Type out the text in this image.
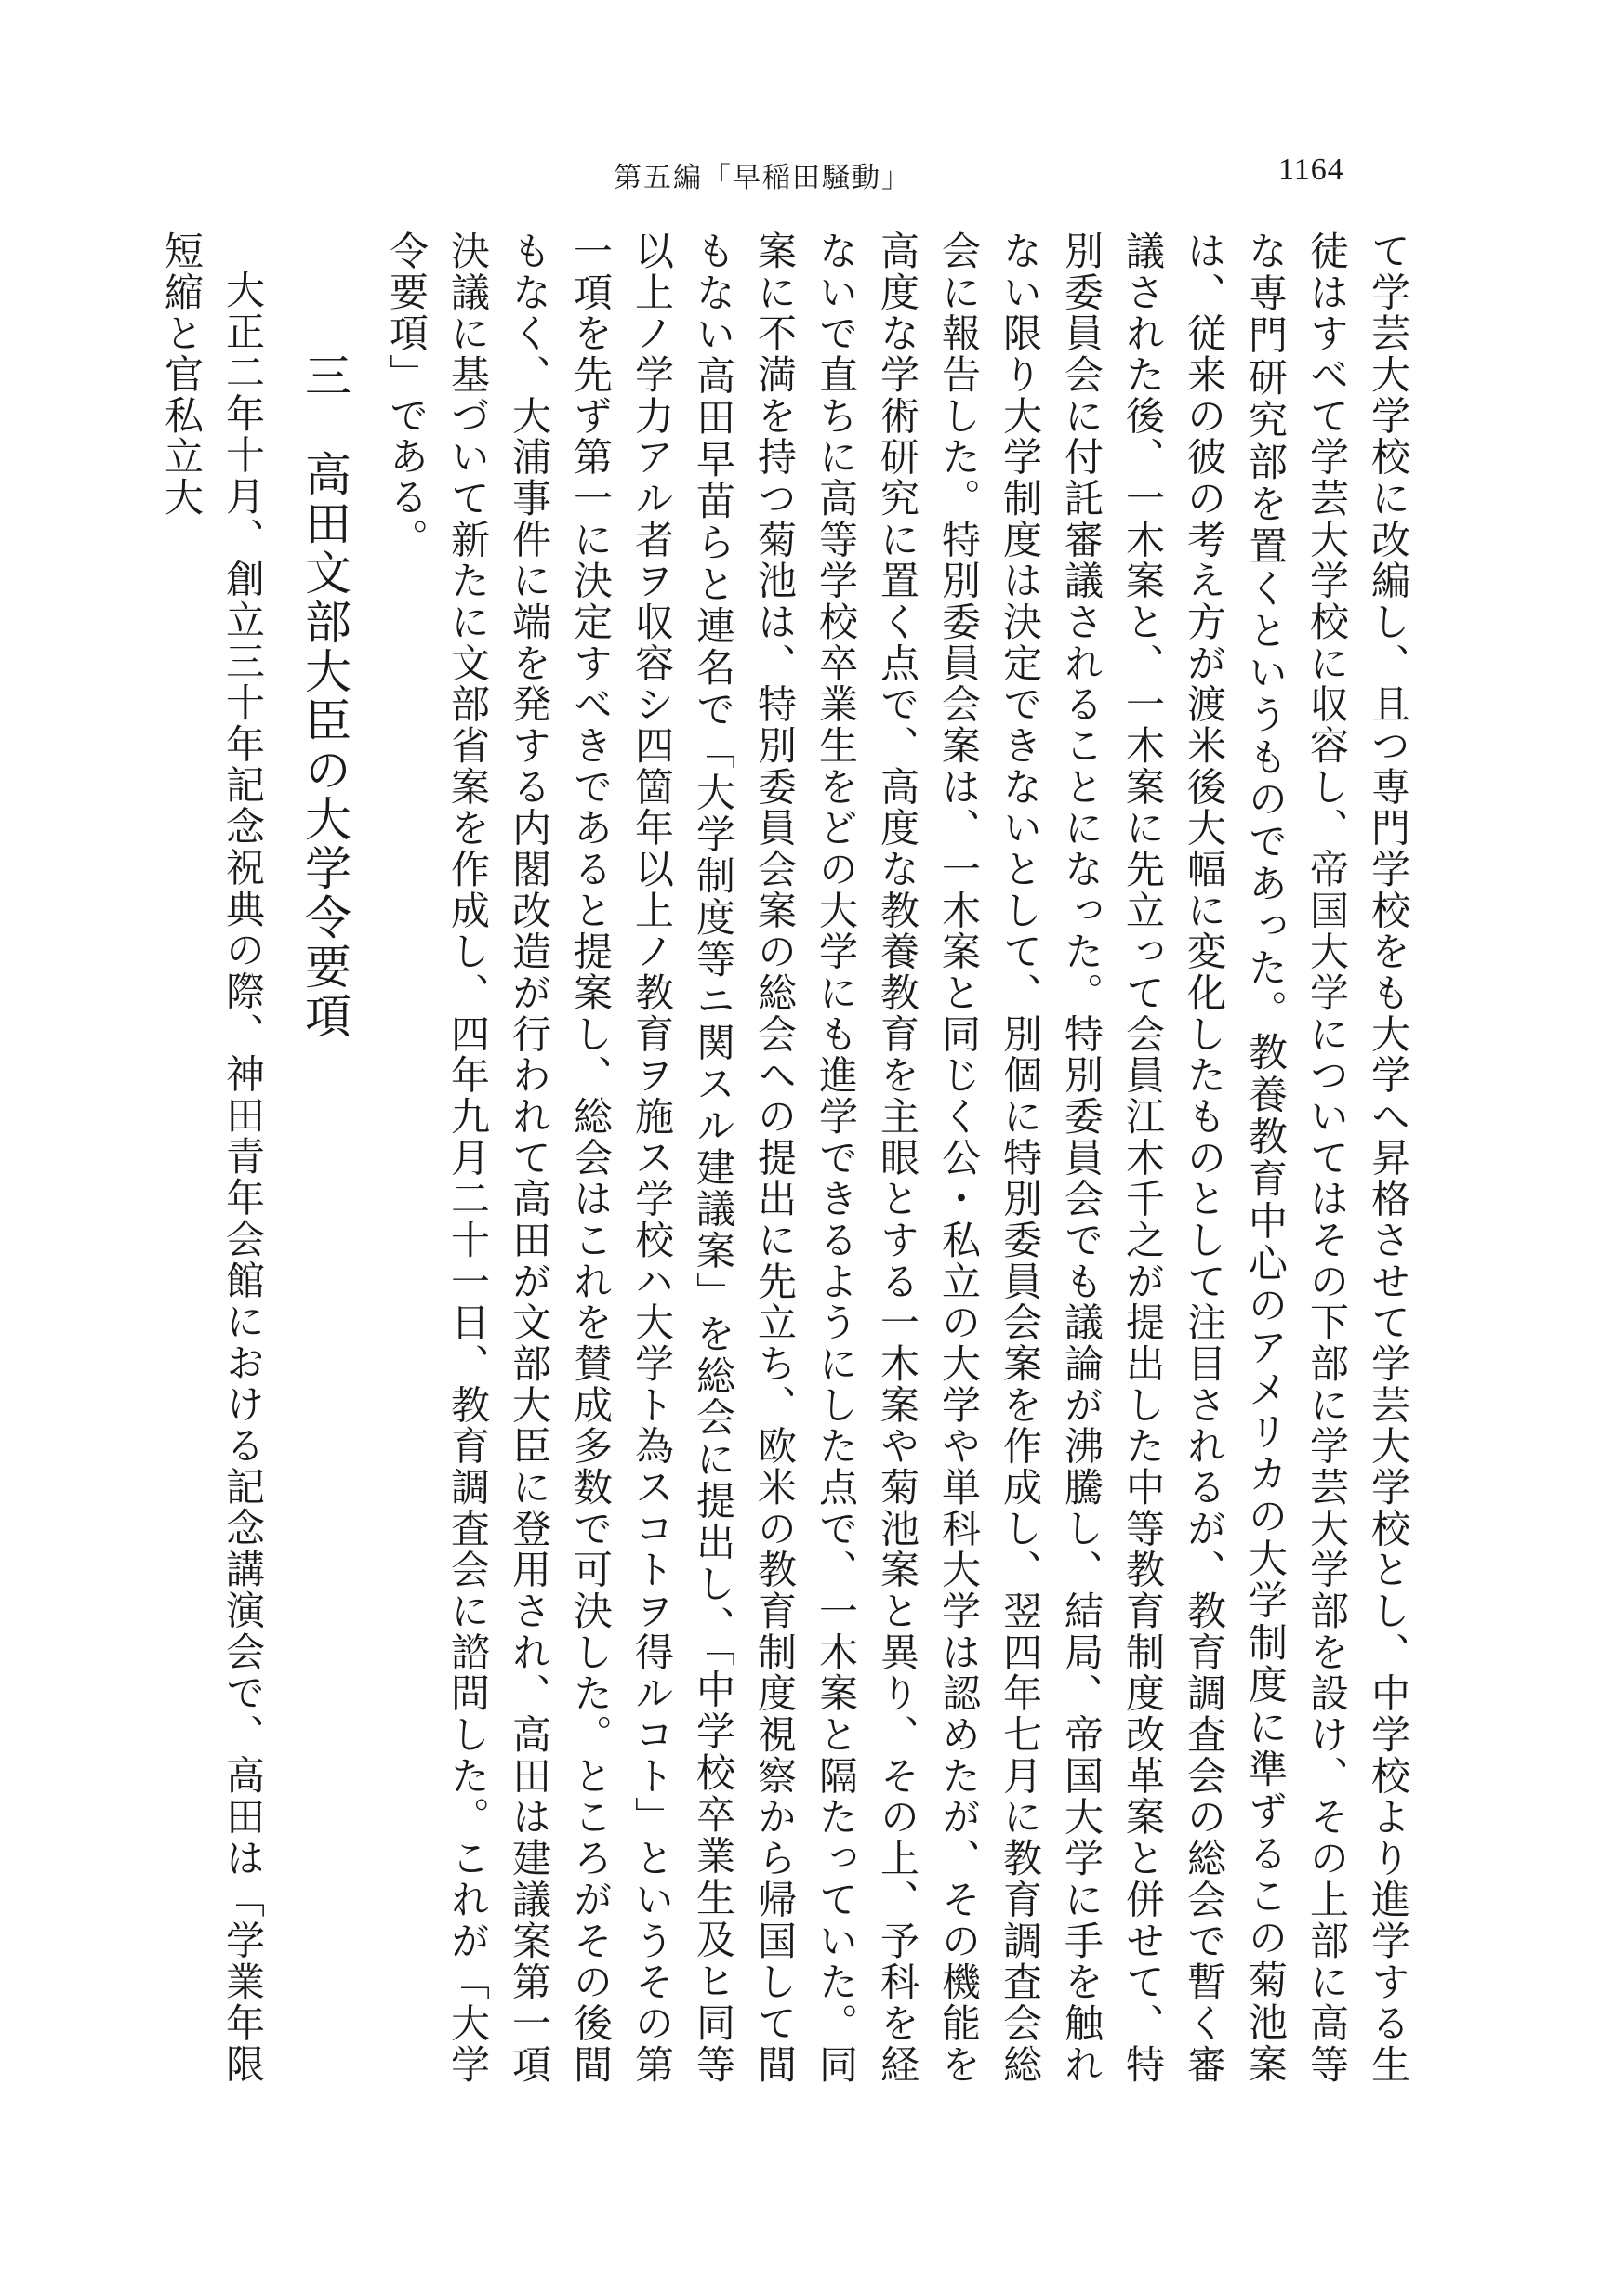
第五編「早稲田騒動」	1164

て学芸大学校に改編し、且つ専門学校をも大学へ昇格させて学芸大学校とし、中学校より進学する生徒はすべて学芸大学校に収容し、帝国大学についてはその下部に学芸大学部を設け、その上部に高等な専門研究部を置くというものであった。教養教育中心のアメリカの大学制度に準ずるこの菊池案は、従来の彼の考え方が渡米後大幅に変化したものとして注目されるが、教育調査会の総会で暫く審議された後、一木案と、一木案に先立って会員江木千之が提出した中等教育制度改革案と併せて、特別委員会に付託審議されることになった。特別委員会でも議論が沸騰し、結局、帝国大学に手を触れない限り大学制度は決定できないとして、別個に特別委員会案を作成し、翌四年七月に教育調査会総会に報告した。特別委員会案は、一木案と同じく公・私立の大学や単科大学は認めたが、その機能を高度な学術研究に置く点で、高度な教養教育を主眼とする一木案や菊池案と異り、その上、予科を経ないで直ちに高等学校卒業生をどの大学にも進学できるようにした点で、一木案と隔たっていた。同案に不満を持つ菊池は、特別委員会案の総会への提出に先立ち、欧米の教育制度視察から帰国して間もない高田早苗らと連名で「大学制度等ニ関スル建議案」を総会に提出し、「中学校卒業生及ヒ同等以上ノ学力アル者ヲ収容シ四箇年以上ノ教育ヲ施ス学校ハ大学ト為スコトヲ得ルコト」というその第一項を先ず第一に決定すべきであると提案し、総会はこれを賛成多数で可決した。ところがその後間もなく、大浦事件に端を発する内閣改造が行われて高田が文部大臣に登用され、高田は建議案第一項決議に基づいて新たに文部省案を作成し、四年九月二十一日、教育調査会に諮問した。これが「大学令要項」である。

三　高田文部大臣の大学令要項

大正二年十月、創立三十年記念祝典の際、神田青年会館における記念講演会で、高田は「学業年限短縮と官私立大
